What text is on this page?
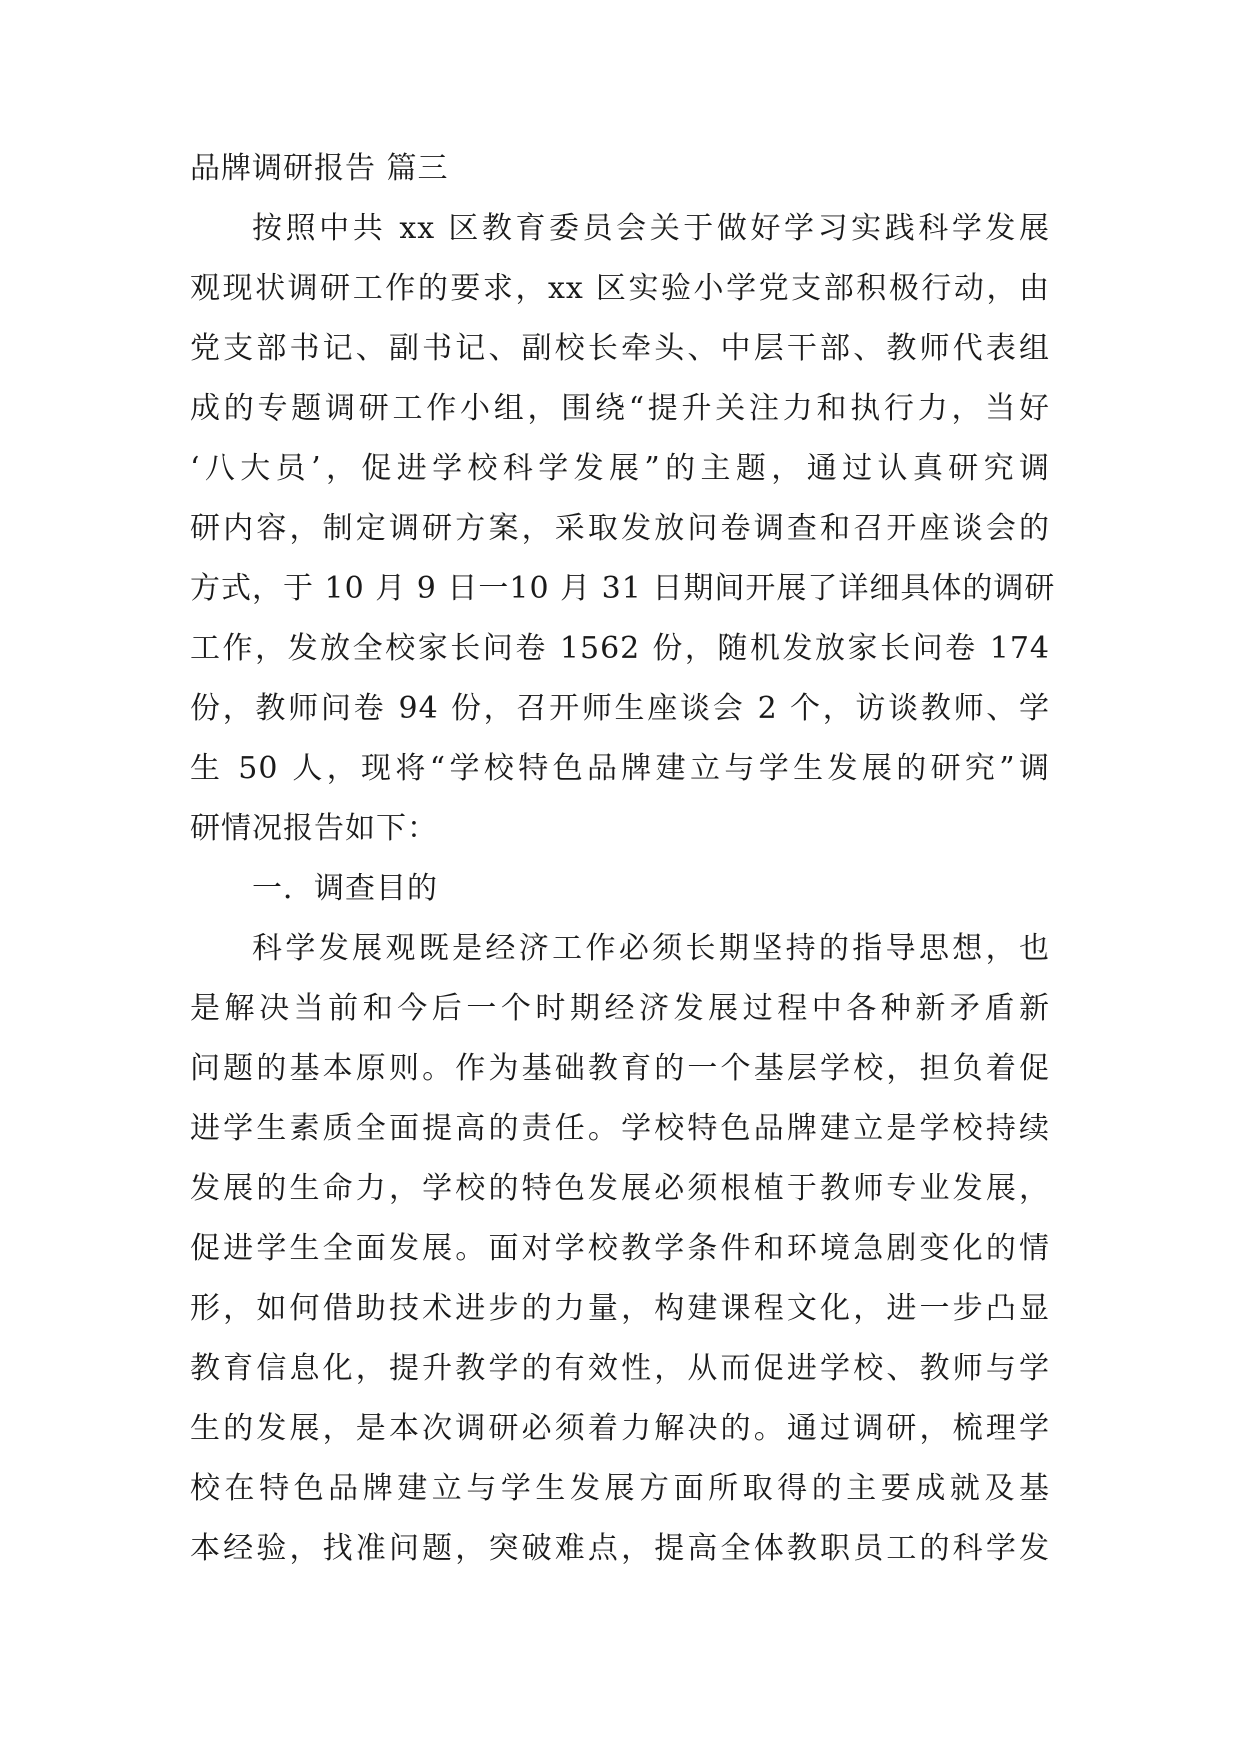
品牌调研报告 篇三
按照中共 xx 区教育委员会关于做好学习实践科学发展
观现状调研工作的要求，xx 区实验小学党支部积极行动，由
党支部书记、副书记、副校长牵头、中层干部、教师代表组
成的专题调研工作小组，围绕“提升关注力和执行力，当好
‘八大员’，促进学校科学发展”的主题，通过认真研究调
研内容，制定调研方案，采取发放问卷调查和召开座谈会的
方式，于 10 月 9 日一10 月 31 日期间开展了详细具体的调研
工作，发放全校家长问卷 1562 份，随机发放家长问卷 174
份，教师问卷 94 份，召开师生座谈会 2 个，访谈教师、学
生 50 人，现将“学校特色品牌建立与学生发展的研究”调
研情况报告如下：
一．调查目的
科学发展观既是经济工作必须长期坚持的指导思想，也
是解决当前和今后一个时期经济发展过程中各种新矛盾新
问题的基本原则。作为基础教育的一个基层学校，担负着促
进学生素质全面提高的责任。学校特色品牌建立是学校持续
发展的生命力，学校的特色发展必须根植于教师专业发展，
促进学生全面发展。面对学校教学条件和环境急剧变化的情
形，如何借助技术进步的力量，构建课程文化，进一步凸显
教育信息化，提升教学的有效性，从而促进学校、教师与学
生的发展，是本次调研必须着力解决的。通过调研，梳理学
校在特色品牌建立与学生发展方面所取得的主要成就及基
本经验，找准问题，突破难点，提高全体教职员工的科学发
